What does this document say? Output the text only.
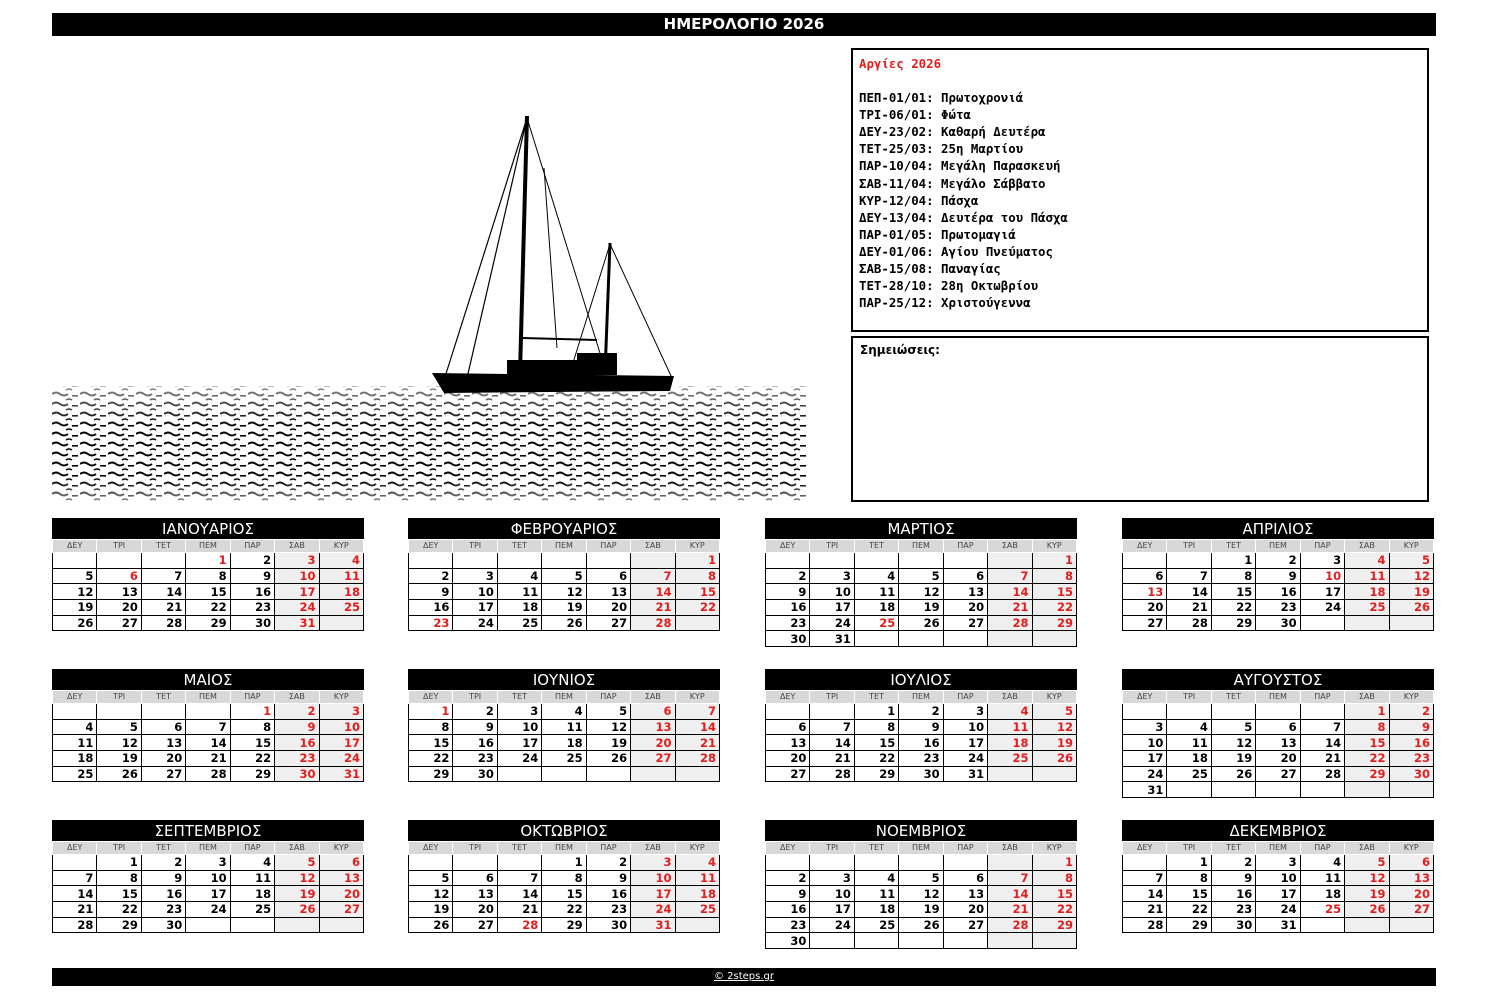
ΗΜΕΡΟΛΟΓΙΟ 2026
Αργίες 2026
ΠΕΠ-01/01: Πρωτοχρονιά
ΤΡΙ-06/01: Φώτα
ΔΕΥ-23/02: Καθαρή Δευτέρα
ΤΕΤ-25/03: 25η Μαρτίου
ΠΑΡ-10/04: Μεγάλη Παρασκευή
ΣΑΒ-11/04: Μεγάλο Σάββατο
ΚΥΡ-12/04: Πάσχα
ΔΕΥ-13/04: Δευτέρα του Πάσχα
ΠΑΡ-01/05: Πρωτομαγιά
ΔΕΥ-01/06: Αγίου Πνεύματος
ΣΑΒ-15/08: Παναγίας
ΤΕΤ-28/10: 28η Οκτωβρίου
ΠΑΡ-25/12: Χριστούγεννα
Σημειώσεις:
ΙΑΝΟΥΑΡΙΟΣ
ΔΕΥ	ΤΡΙ	ΤΕΤ	ΠΕΜ	ΠΑΡ	ΣΑΒ	ΚΥΡ
			1	2	3	4
5	6	7	8	9	10	11
12	13	14	15	16	17	18
19	20	21	22	23	24	25
26	27	28	29	30	31	
ΦΕΒΡΟΥΑΡΙΟΣ
ΔΕΥ	ΤΡΙ	ΤΕΤ	ΠΕΜ	ΠΑΡ	ΣΑΒ	ΚΥΡ
						1
2	3	4	5	6	7	8
9	10	11	12	13	14	15
16	17	18	19	20	21	22
23	24	25	26	27	28	
ΜΑΡΤΙΟΣ
ΔΕΥ	ΤΡΙ	ΤΕΤ	ΠΕΜ	ΠΑΡ	ΣΑΒ	ΚΥΡ
						1
2	3	4	5	6	7	8
9	10	11	12	13	14	15
16	17	18	19	20	21	22
23	24	25	26	27	28	29
30	31					
ΑΠΡΙΛΙΟΣ
ΔΕΥ	ΤΡΙ	ΤΕΤ	ΠΕΜ	ΠΑΡ	ΣΑΒ	ΚΥΡ
		1	2	3	4	5
6	7	8	9	10	11	12
13	14	15	16	17	18	19
20	21	22	23	24	25	26
27	28	29	30			
ΜΑΙΟΣ
ΔΕΥ	ΤΡΙ	ΤΕΤ	ΠΕΜ	ΠΑΡ	ΣΑΒ	ΚΥΡ
				1	2	3
4	5	6	7	8	9	10
11	12	13	14	15	16	17
18	19	20	21	22	23	24
25	26	27	28	29	30	31
ΙΟΥΝΙΟΣ
ΔΕΥ	ΤΡΙ	ΤΕΤ	ΠΕΜ	ΠΑΡ	ΣΑΒ	ΚΥΡ
1	2	3	4	5	6	7
8	9	10	11	12	13	14
15	16	17	18	19	20	21
22	23	24	25	26	27	28
29	30					
ΙΟΥΛΙΟΣ
ΔΕΥ	ΤΡΙ	ΤΕΤ	ΠΕΜ	ΠΑΡ	ΣΑΒ	ΚΥΡ
		1	2	3	4	5
6	7	8	9	10	11	12
13	14	15	16	17	18	19
20	21	22	23	24	25	26
27	28	29	30	31		
ΑΥΓΟΥΣΤΟΣ
ΔΕΥ	ΤΡΙ	ΤΕΤ	ΠΕΜ	ΠΑΡ	ΣΑΒ	ΚΥΡ
					1	2
3	4	5	6	7	8	9
10	11	12	13	14	15	16
17	18	19	20	21	22	23
24	25	26	27	28	29	30
31						
ΣΕΠΤΕΜΒΡΙΟΣ
ΔΕΥ	ΤΡΙ	ΤΕΤ	ΠΕΜ	ΠΑΡ	ΣΑΒ	ΚΥΡ
	1	2	3	4	5	6
7	8	9	10	11	12	13
14	15	16	17	18	19	20
21	22	23	24	25	26	27
28	29	30				
ΟΚΤΩΒΡΙΟΣ
ΔΕΥ	ΤΡΙ	ΤΕΤ	ΠΕΜ	ΠΑΡ	ΣΑΒ	ΚΥΡ
			1	2	3	4
5	6	7	8	9	10	11
12	13	14	15	16	17	18
19	20	21	22	23	24	25
26	27	28	29	30	31	
ΝΟΕΜΒΡΙΟΣ
ΔΕΥ	ΤΡΙ	ΤΕΤ	ΠΕΜ	ΠΑΡ	ΣΑΒ	ΚΥΡ
						1
2	3	4	5	6	7	8
9	10	11	12	13	14	15
16	17	18	19	20	21	22
23	24	25	26	27	28	29
30						
ΔΕΚΕΜΒΡΙΟΣ
ΔΕΥ	ΤΡΙ	ΤΕΤ	ΠΕΜ	ΠΑΡ	ΣΑΒ	ΚΥΡ
	1	2	3	4	5	6
7	8	9	10	11	12	13
14	15	16	17	18	19	20
21	22	23	24	25	26	27
28	29	30	31			
© 2steps.gr
